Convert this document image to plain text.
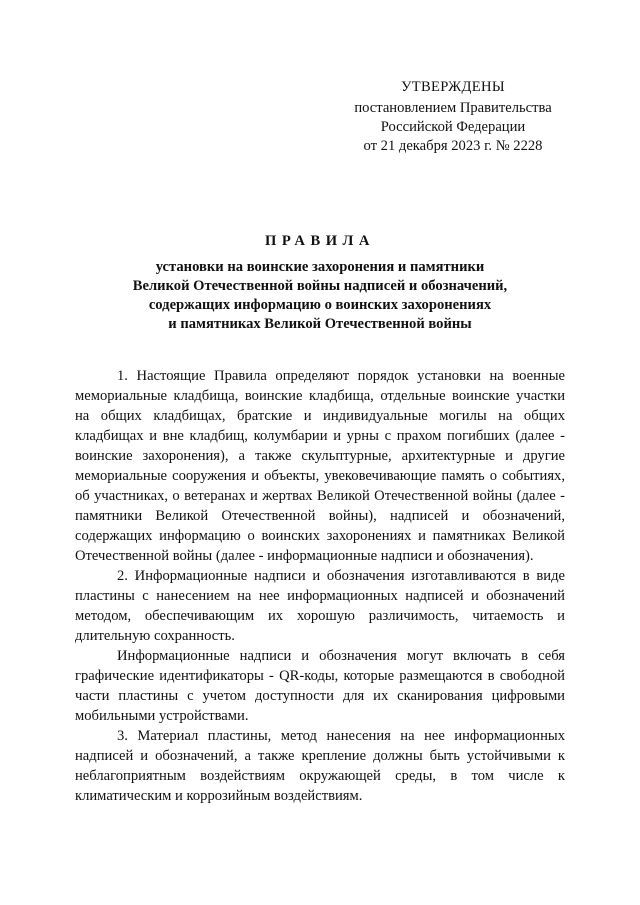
УТВЕРЖДЕНЫ
постановлением Правительства
Российской Федерации
от 21 декабря 2023 г. № 2228
ПРАВИЛА
установки на воинские захоронения и памятники
Великой Отечественной войны надписей и обозначений,
содержащих информацию о воинских захоронениях
и памятниках Великой Отечественной войны

1. Настоящие Правила определяют порядок установки на военные мемориальные кладбища, воинские кладбища, отдельные воинские участки на общих кладбищах, братские и индивидуальные могилы на общих кладбищах и вне кладбищ, колумбарии и урны с прахом погибших (далее - воинские захоронения), а также скульптурные, архитектурные и другие мемориальные сооружения и объекты, увековечивающие память о событиях, об участниках, о ветеранах и жертвах Великой Отечественной войны (далее - памятники Великой Отечественной войны), надписей и обозначений, содержащих информацию о воинских захоронениях и памятниках Великой Отечественной войны (далее - информационные надписи и обозначения).

2. Информационные надписи и обозначения изготавливаются в виде пластины с нанесением на нее информационных надписей и обозначений методом, обеспечивающим их хорошую различимость, читаемость и длительную сохранность.

Информационные надписи и обозначения могут включать в себя графические идентификаторы - QR-коды, которые размещаются в свободной части пластины с учетом доступности для их сканирования цифровыми мобильными устройствами.

3. Материал пластины, метод нанесения на нее информационных надписей и обозначений, а также крепление должны быть устойчивыми к неблагоприятным воздействиям окружающей среды, в том числе к климатическим и коррозийным воздействиям.
